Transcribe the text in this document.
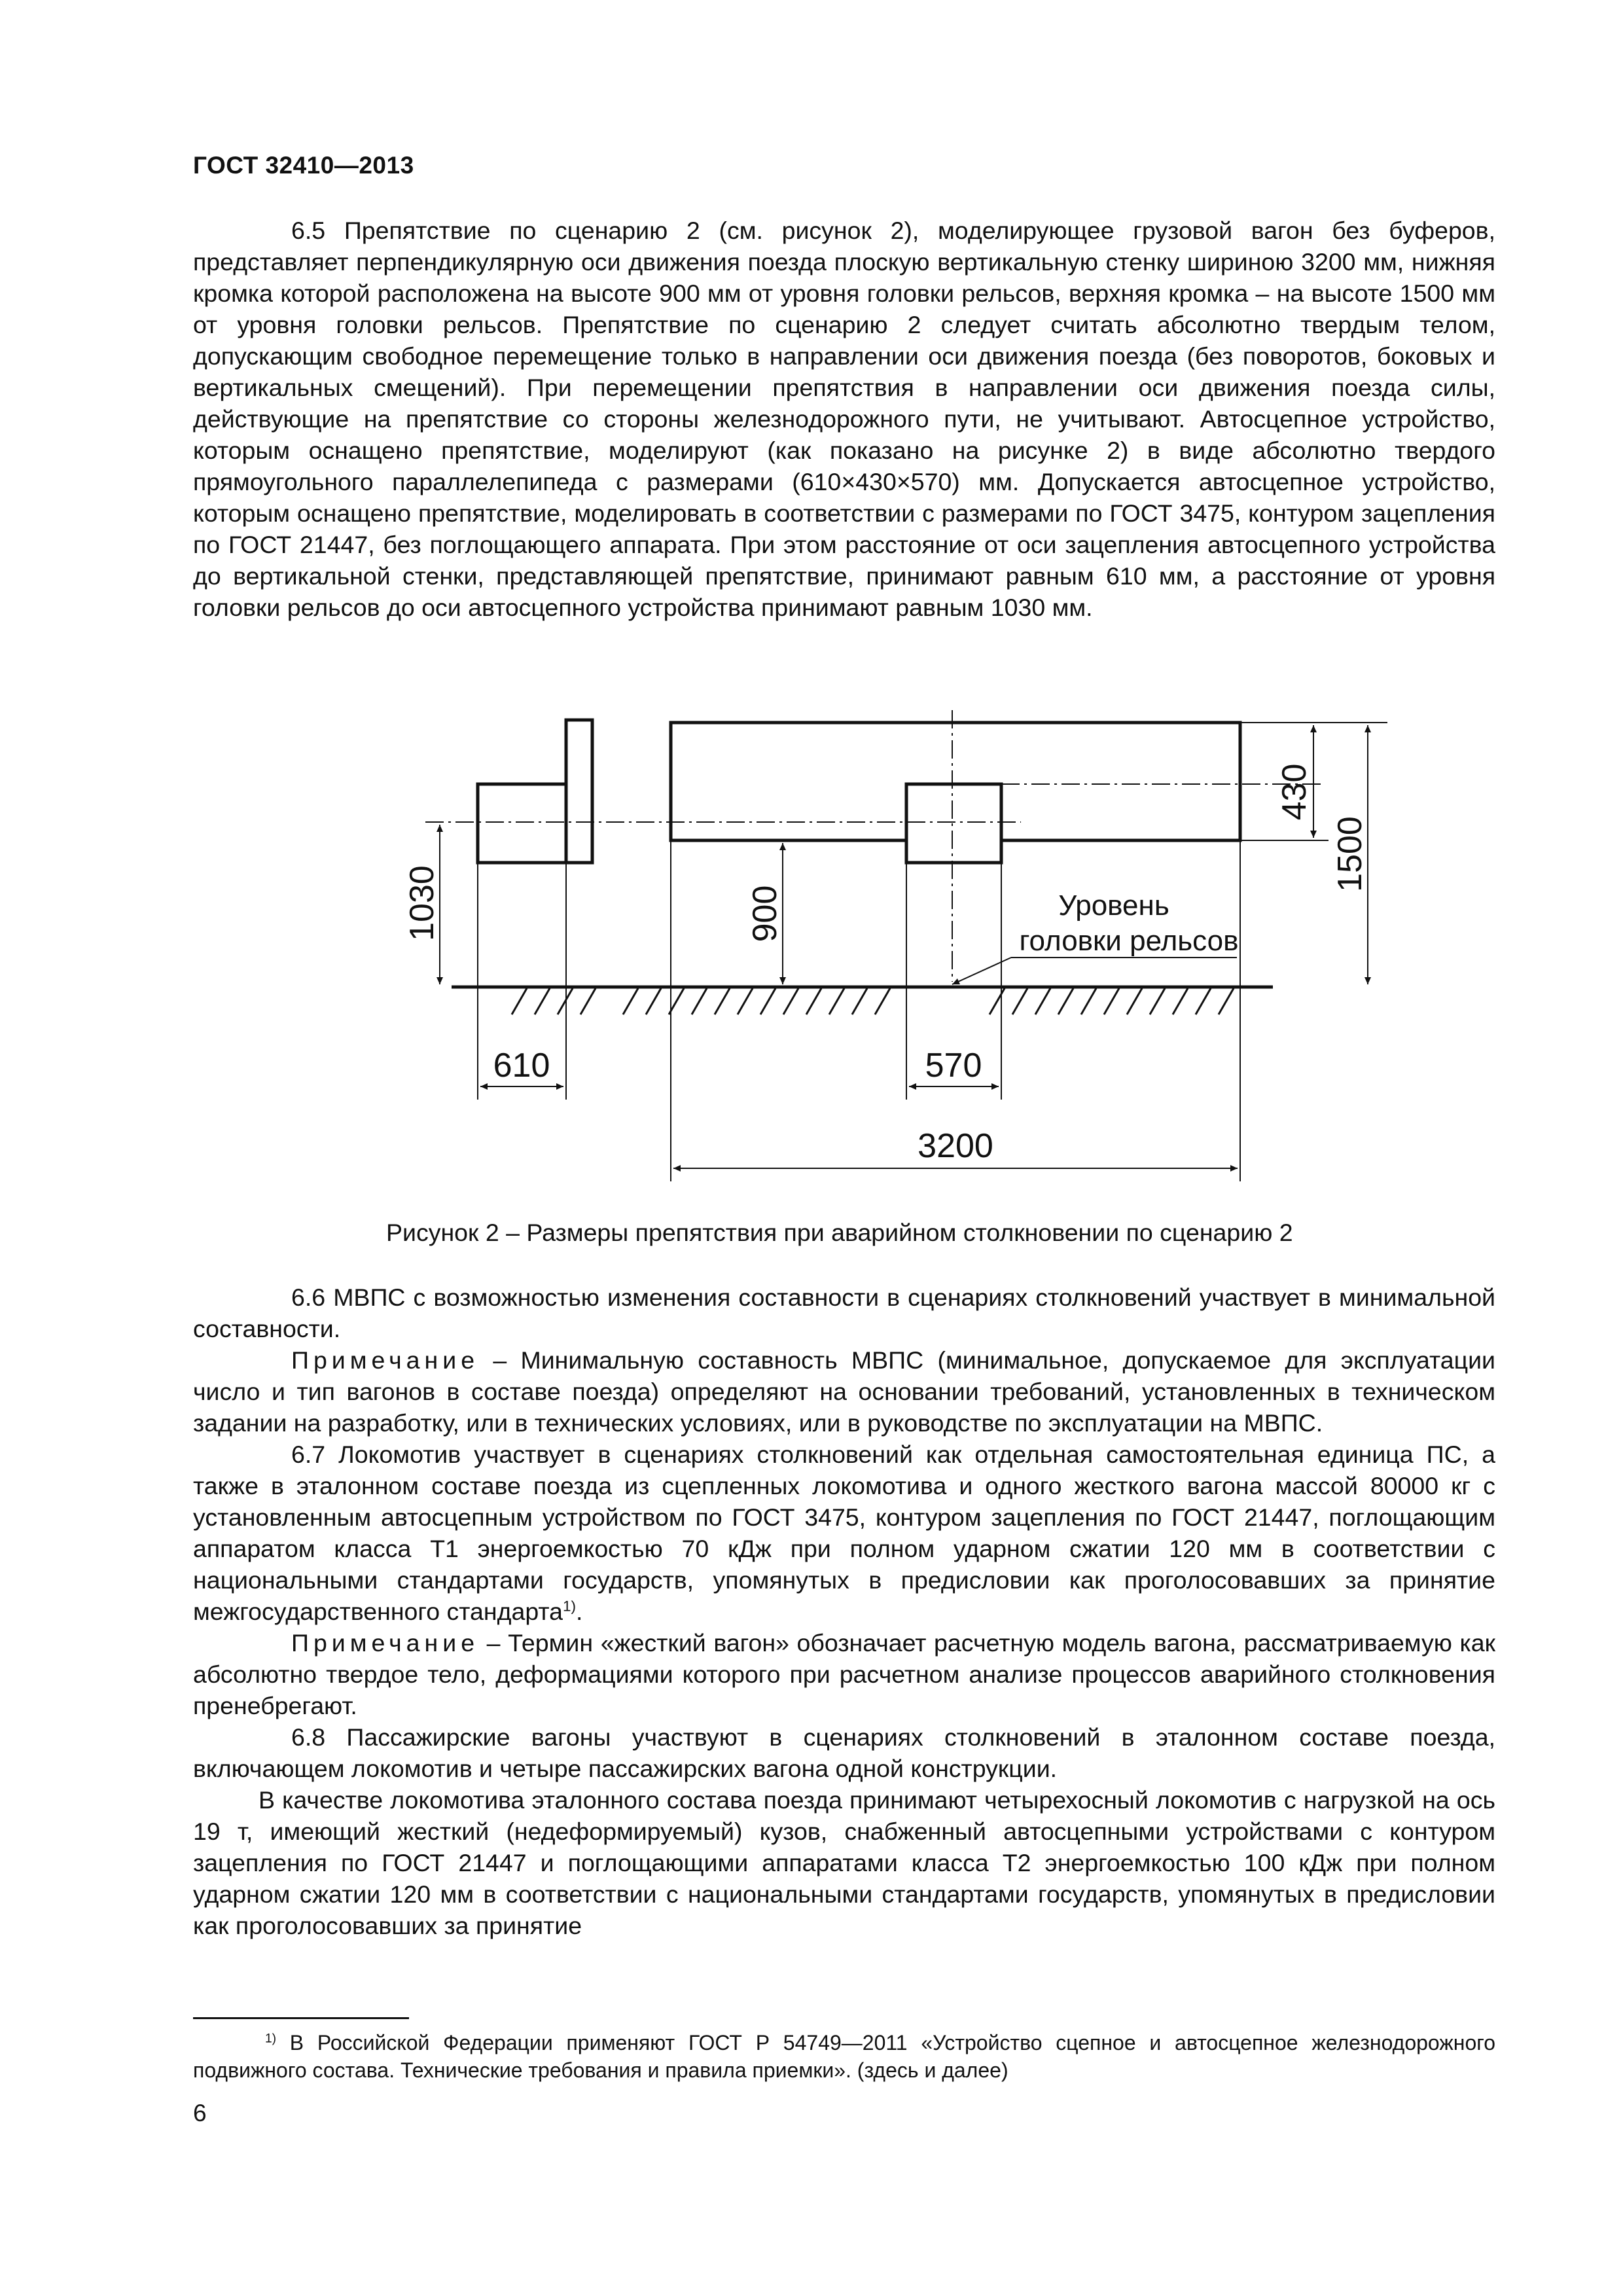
ГОСТ 32410—2013

6.5 Препятствие по сценарию 2 (см. рисунок 2), моделирующее грузовой вагон без буферов, представляет перпендикулярную оси движения поезда плоскую вертикальную стенку шириною 3200 мм, нижняя кромка которой расположена на высоте 900 мм от уровня головки рельсов, верхняя кромка – на высоте 1500 мм от уровня головки рельсов. Препятствие по сценарию 2 следует считать абсолютно твердым телом, допускающим свободное перемещение только в направлении оси движения поезда (без поворотов, боковых и вертикальных смещений). При перемещении препятствия в направлении оси движения поезда силы, действующие на препятствие со стороны железнодорожного пути, не учитывают. Автосцепное устройство, которым оснащено препятствие, моделируют (как показано на рисунке 2) в виде абсолютно твердого прямоугольного параллелепипеда с размерами (610×430×570) мм. Допускается автосцепное устройство, которым оснащено препятствие, моделировать в соответствии с размерами по ГОСТ 3475, контуром зацепления по ГОСТ 21447, без поглощающего аппарата. При этом расстояние от оси зацепления автосцепного устройства до вертикальной стенки, представляющей препятствие, принимают равным 610 мм, а расстояние от уровня головки рельсов до оси автосцепного устройства принимают равным 1030 мм.

1030	900
430
1500
610	570
3200
Уровень
головки рельсов
Рисунок 2 – Размеры препятствия при аварийном столкновении по сценарию 2

6.6 МВПС с возможностью изменения составности в сценариях столкновений участвует в минимальной составности.

Примечание – Минимальную составность МВПС (минимальное, допускаемое для эксплуатации число и тип вагонов в составе поезда) определяют на основании требований, установленных в техническом задании на разработку, или в технических условиях, или в руководстве по эксплуатации на МВПС.

6.7 Локомотив участвует в сценариях столкновений как отдельная самостоятельная единица ПС, а также в эталонном составе поезда из сцепленных локомотива и одного жесткого вагона массой 80000 кг с установленным автосцепным устройством по ГОСТ 3475, контуром зацепления по ГОСТ 21447, поглощающим аппаратом класса Т1 энергоемкостью 70 кДж при полном ударном сжатии 120 мм в соответствии с национальными стандартами государств, упомянутых в предисловии как проголосовавших за принятие межгосударственного стандарта$^{1)}$.

Примечание – Термин «жесткий вагон» обозначает расчетную модель вагона, рассматриваемую как абсолютно твердое тело, деформациями которого при расчетном анализе процессов аварийного столкновения пренебрегают.

6.8 Пассажирские вагоны участвуют в сценариях столкновений в эталонном составе поезда, включающем локомотив и четыре пассажирских вагона одной конструкции.

В качестве локомотива эталонного состава поезда принимают четырехосный локомотив с нагрузкой на ось 19 т, имеющий жесткий (недеформируемый) кузов, снабженный автосцепными устройствами с контуром зацепления по ГОСТ 21447 и поглощающими аппаратами класса Т2 энергоемкостью 100 кДж при полном ударном сжатии 120 мм в соответствии с национальными стандартами государств, упомянутых в предисловии как проголосовавших за принятие

$^{1)}$ В Российской Федерации применяют ГОСТ Р 54749—2011 «Устройство сцепное и автосцепное железнодорожного подвижного состава. Технические требования и правила приемки». (здесь и далее)

6
